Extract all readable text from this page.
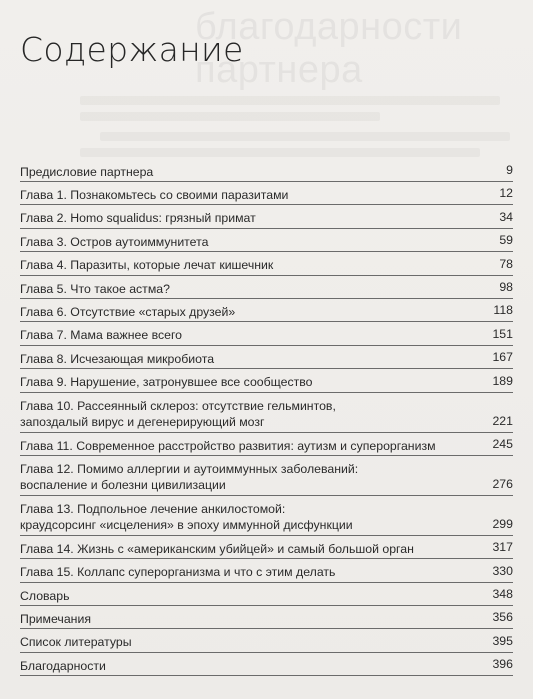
благодарности партнера
Содержание
Предисловие партнера	9
Глава 1. Познакомьтесь со своими паразитами	12
Глава 2. Homo squalidus: грязный примат	34
Глава 3. Остров аутоиммунитета	59
Глава 4. Паразиты, которые лечат кишечник	78
Глава 5. Что такое астма?	98
Глава 6. Отсутствие «старых друзей»	118
Глава 7. Мама важнее всего	151
Глава 8. Исчезающая микробиота	167
Глава 9. Нарушение, затронувшее все сообщество	189
Глава 10. Рассеянный склероз: отсутствие гельминтов,
запоздалый вирус и дегенерирующий мозг	221
Глава 11. Современное расстройство развития: аутизм и суперорганизм	245
Глава 12. Помимо аллергии и аутоиммунных заболеваний:
воспаление и болезни цивилизации	276
Глава 13. Подпольное лечение анкилостомой:
краудсорсинг «исцеления» в эпоху иммунной дисфункции	299
Глава 14. Жизнь с «американским убийцей» и самый большой орган	317
Глава 15. Коллапс суперорганизма и что с этим делать	330
Словарь	348
Примечания	356
Список литературы	395
Благодарности	396
